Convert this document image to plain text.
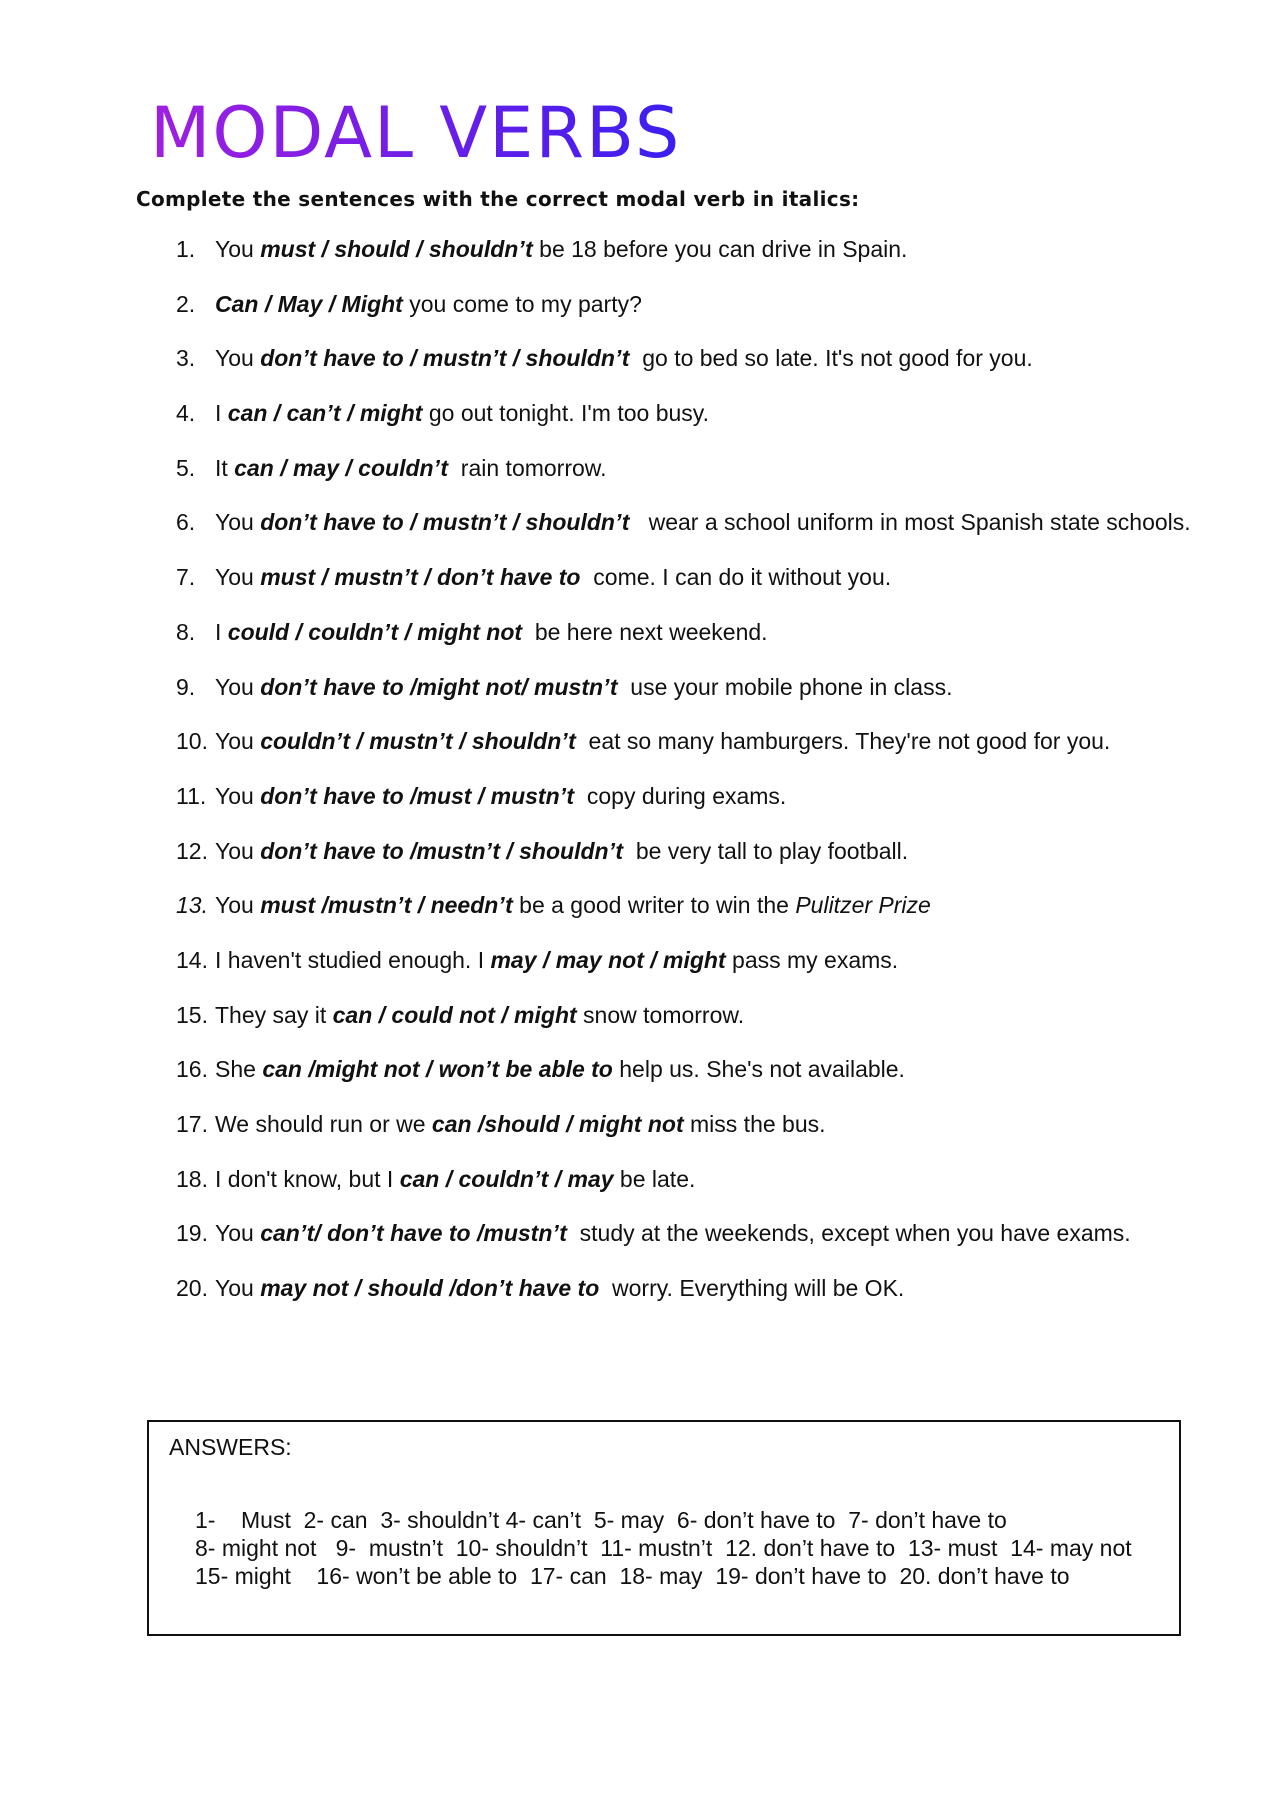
MODAL VERBS

Complete the sentences with the correct modal verb in italics:

1. You must / should / shouldn’t be 18 before you can drive in Spain.
2. Can / May / Might you come to my party?
3. You don’t have to / mustn’t / shouldn’t  go to bed so late. It's not good for you.
4. I can / can’t / might go out tonight. I'm too busy.
5. It can / may / couldn’t  rain tomorrow.
6. You don’t have to / mustn’t / shouldn’t   wear a school uniform in most Spanish state schools.
7. You must / mustn’t / don’t have to  come. I can do it without you.
8. I could / couldn’t / might not  be here next weekend.
9. You don’t have to /might not/ mustn’t  use your mobile phone in class.
10. You couldn’t / mustn’t / shouldn’t  eat so many hamburgers. They're not good for you.
11. You don’t have to /must / mustn’t  copy during exams.
12. You don’t have to /mustn’t / shouldn’t  be very tall to play football.
13. You must /mustn’t / needn’t be a good writer to win the Pulitzer Prize
14. I haven't studied enough. I may / may not / might pass my exams.
15. They say it can / could not / might snow tomorrow.
16. She can /might not / won’t be able to help us. She's not available.
17. We should run or we can /should / might not miss the bus.
18. I don't know, but I can / couldn’t / may be late.
19. You can’t/ don’t have to /mustn’t  study at the weekends, except when you have exams.
20. You may not / should /don’t have to  worry. Everything will be OK.
ANSWERS:
1-    Must  2- can  3- shouldn’t 4- can’t  5- may  6- don’t have to  7- don’t have to
8- might not   9-  mustn’t  10- shouldn’t  11- mustn’t  12. don’t have to  13- must  14- may not
15- might    16- won’t be able to  17- can  18- may  19- don’t have to  20. don’t have to
